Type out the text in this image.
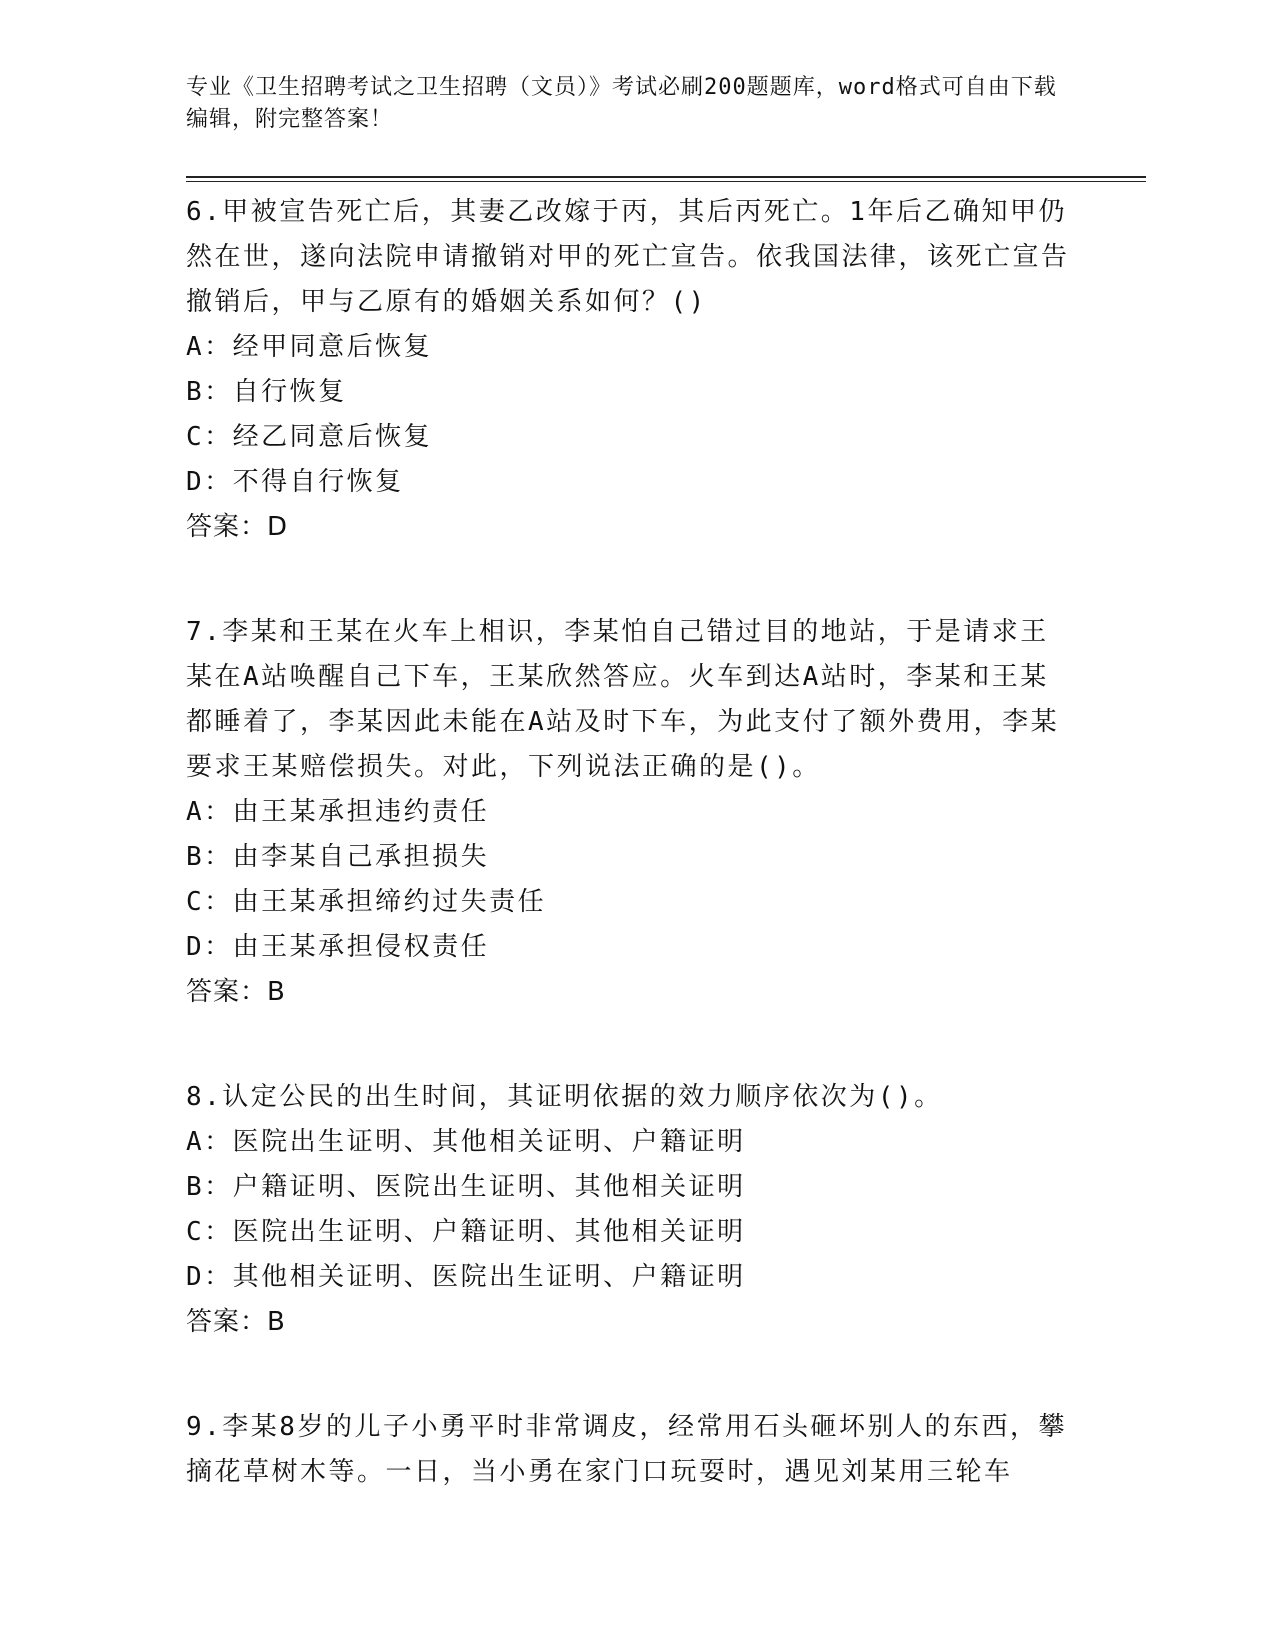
专业《卫生招聘考试之卫生招聘（文员）》考试必刷200题题库，word格式可自由下载编辑，附完整答案！

6.甲被宣告死亡后，其妻乙改嫁于丙，其后丙死亡。1年后乙确知甲仍然在世，遂向法院申请撤销对甲的死亡宣告。依我国法律，该死亡宣告撤销后，甲与乙原有的婚姻关系如何？()

A：经甲同意后恢复

B：自行恢复

C：经乙同意后恢复

D：不得自行恢复

答案：D

7.李某和王某在火车上相识，李某怕自己错过目的地站，于是请求王某在A站唤醒自己下车，王某欣然答应。火车到达A站时，李某和王某都睡着了，李某因此未能在A站及时下车，为此支付了额外费用，李某要求王某赔偿损失。对此，下列说法正确的是()。

A：由王某承担违约责任

B：由李某自己承担损失

C：由王某承担缔约过失责任

D：由王某承担侵权责任

答案：B

8.认定公民的出生时间，其证明依据的效力顺序依次为()。

A：医院出生证明、其他相关证明、户籍证明

B：户籍证明、医院出生证明、其他相关证明

C：医院出生证明、户籍证明、其他相关证明

D：其他相关证明、医院出生证明、户籍证明

答案：B

9.李某8岁的儿子小勇平时非常调皮，经常用石头砸坏别人的东西，攀摘花草树木等。一日，当小勇在家门口玩耍时，遇见刘某用三轮车
